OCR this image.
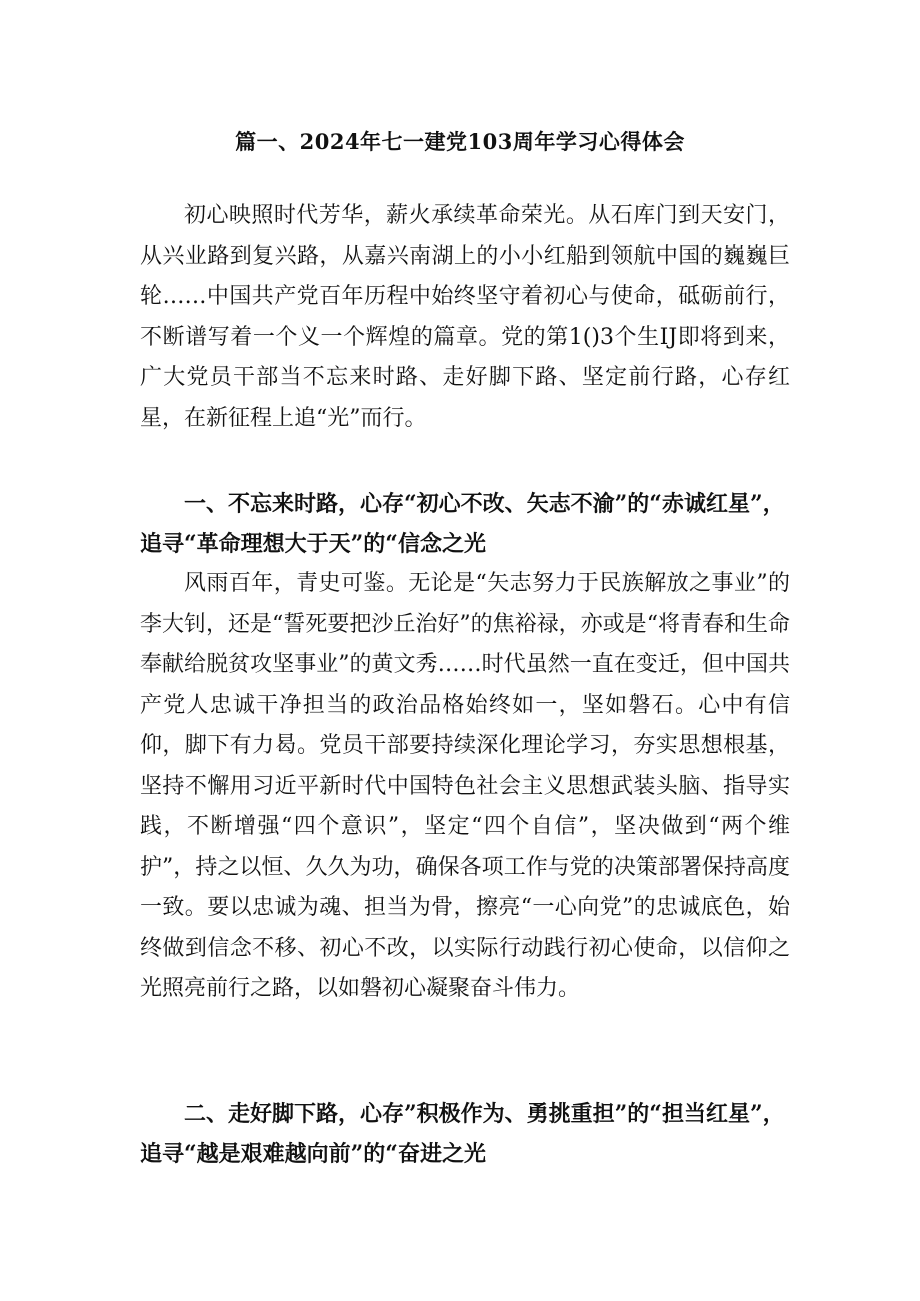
篇一、2024年七一建党103周年学习心得体会

初心映照时代芳华，薪火承续革命荣光。从石库门到天安门，从兴业路到复兴路，从嘉兴南湖上的小小红船到领航中国的巍巍巨轮……中国共产党百年历程中始终坚守着初心与使命，砥砺前行，不断谱写着一个义一个辉煌的篇章。党的第1()3个生IJ即将到来，广大党员干部当不忘来时路、走好脚下路、坚定前行路，心存红星，在新征程上追“光”而行。

一、不忘来时路，心存“初心不改、矢志不渝”的“赤诚红星”，追寻“革命理想大于天”的“信念之光

风雨百年，青史可鉴。无论是“矢志努力于民族解放之事业”的李大钊，还是“誓死要把沙丘治好”的焦裕禄，亦或是“将青春和生命奉献给脱贫攻坚事业”的黄文秀……时代虽然一直在变迁，但中国共产党人忠诚干净担当的政治品格始终如一，坚如磐石。心中有信仰，脚下有力曷。党员干部要持续深化理论学习，夯实思想根基，坚持不懈用习近平新时代中国特色社会主义思想武装头脑、指导实践，不断增强“四个意识”，坚定“四个自信”，坚决做到“两个维护”，持之以恒、久久为功，确保各项工作与党的决策部署保持高度一致。要以忠诚为魂、担当为骨，擦亮“一心向党”的忠诚底色，始终做到信念不移、初心不改，以实际行动践行初心使命，以信仰之光照亮前行之路，以如磐初心凝聚奋斗伟力。

二、走好脚下路，心存”积极作为、勇挑重担”的“担当红星”，追寻“越是艰难越向前”的“奋进之光
